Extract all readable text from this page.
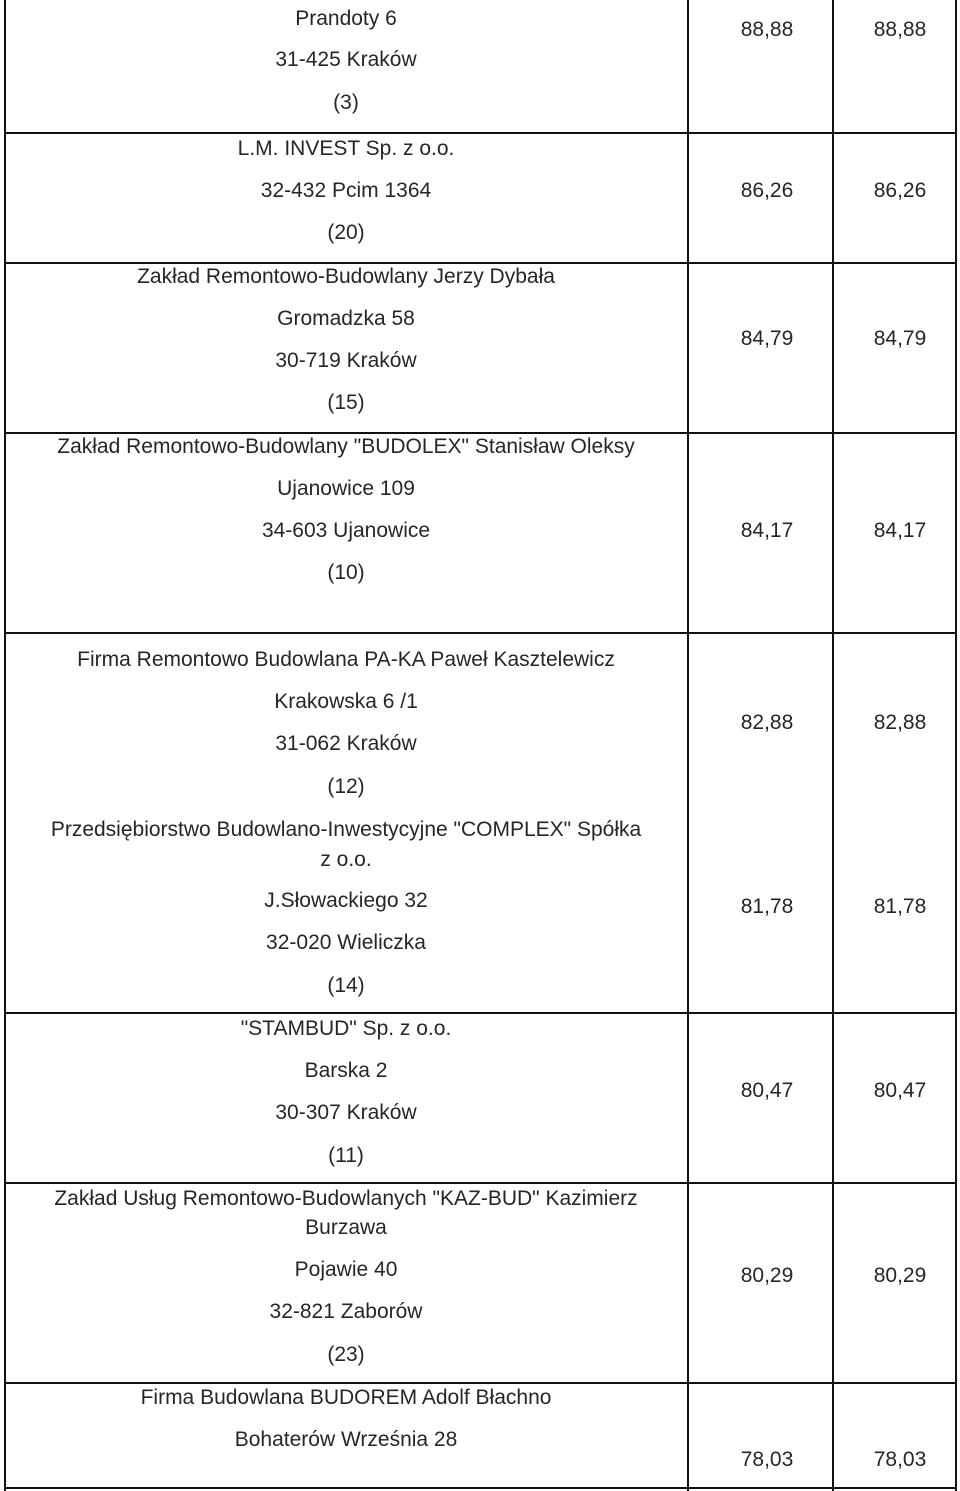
Prandoty 6
31-425 Kraków
(3)
88,88	88,88
L.M. INVEST Sp. z o.o.
32-432 Pcim 1364
(20)
86,26	86,26
Zakład Remontowo-Budowlany Jerzy Dybała
Gromadzka 58
30-719 Kraków
(15)
84,79	84,79
Zakład Remontowo-Budowlany "BUDOLEX" Stanisław Oleksy
Ujanowice 109
34-603 Ujanowice
(10)
84,17	84,17
Firma Remontowo Budowlana PA-KA Paweł Kasztelewicz
Krakowska 6 /1
31-062 Kraków
(12)
82,88	82,88
Przedsiębiorstwo Budowlano-Inwestycyjne "COMPLEX" Spółka
z o.o.
J.Słowackiego 32
32-020 Wieliczka
(14)
81,78	81,78
"STAMBUD" Sp. z o.o.
Barska 2
30-307 Kraków
(11)
80,47	80,47
Zakład Usług Remontowo-Budowlanych "KAZ-BUD" Kazimierz
Burzawa
Pojawie 40
32-821 Zaborów
(23)
80,29	80,29
Firma Budowlana BUDOREM Adolf Błachno
Bohaterów Września 28
78,03	78,03
